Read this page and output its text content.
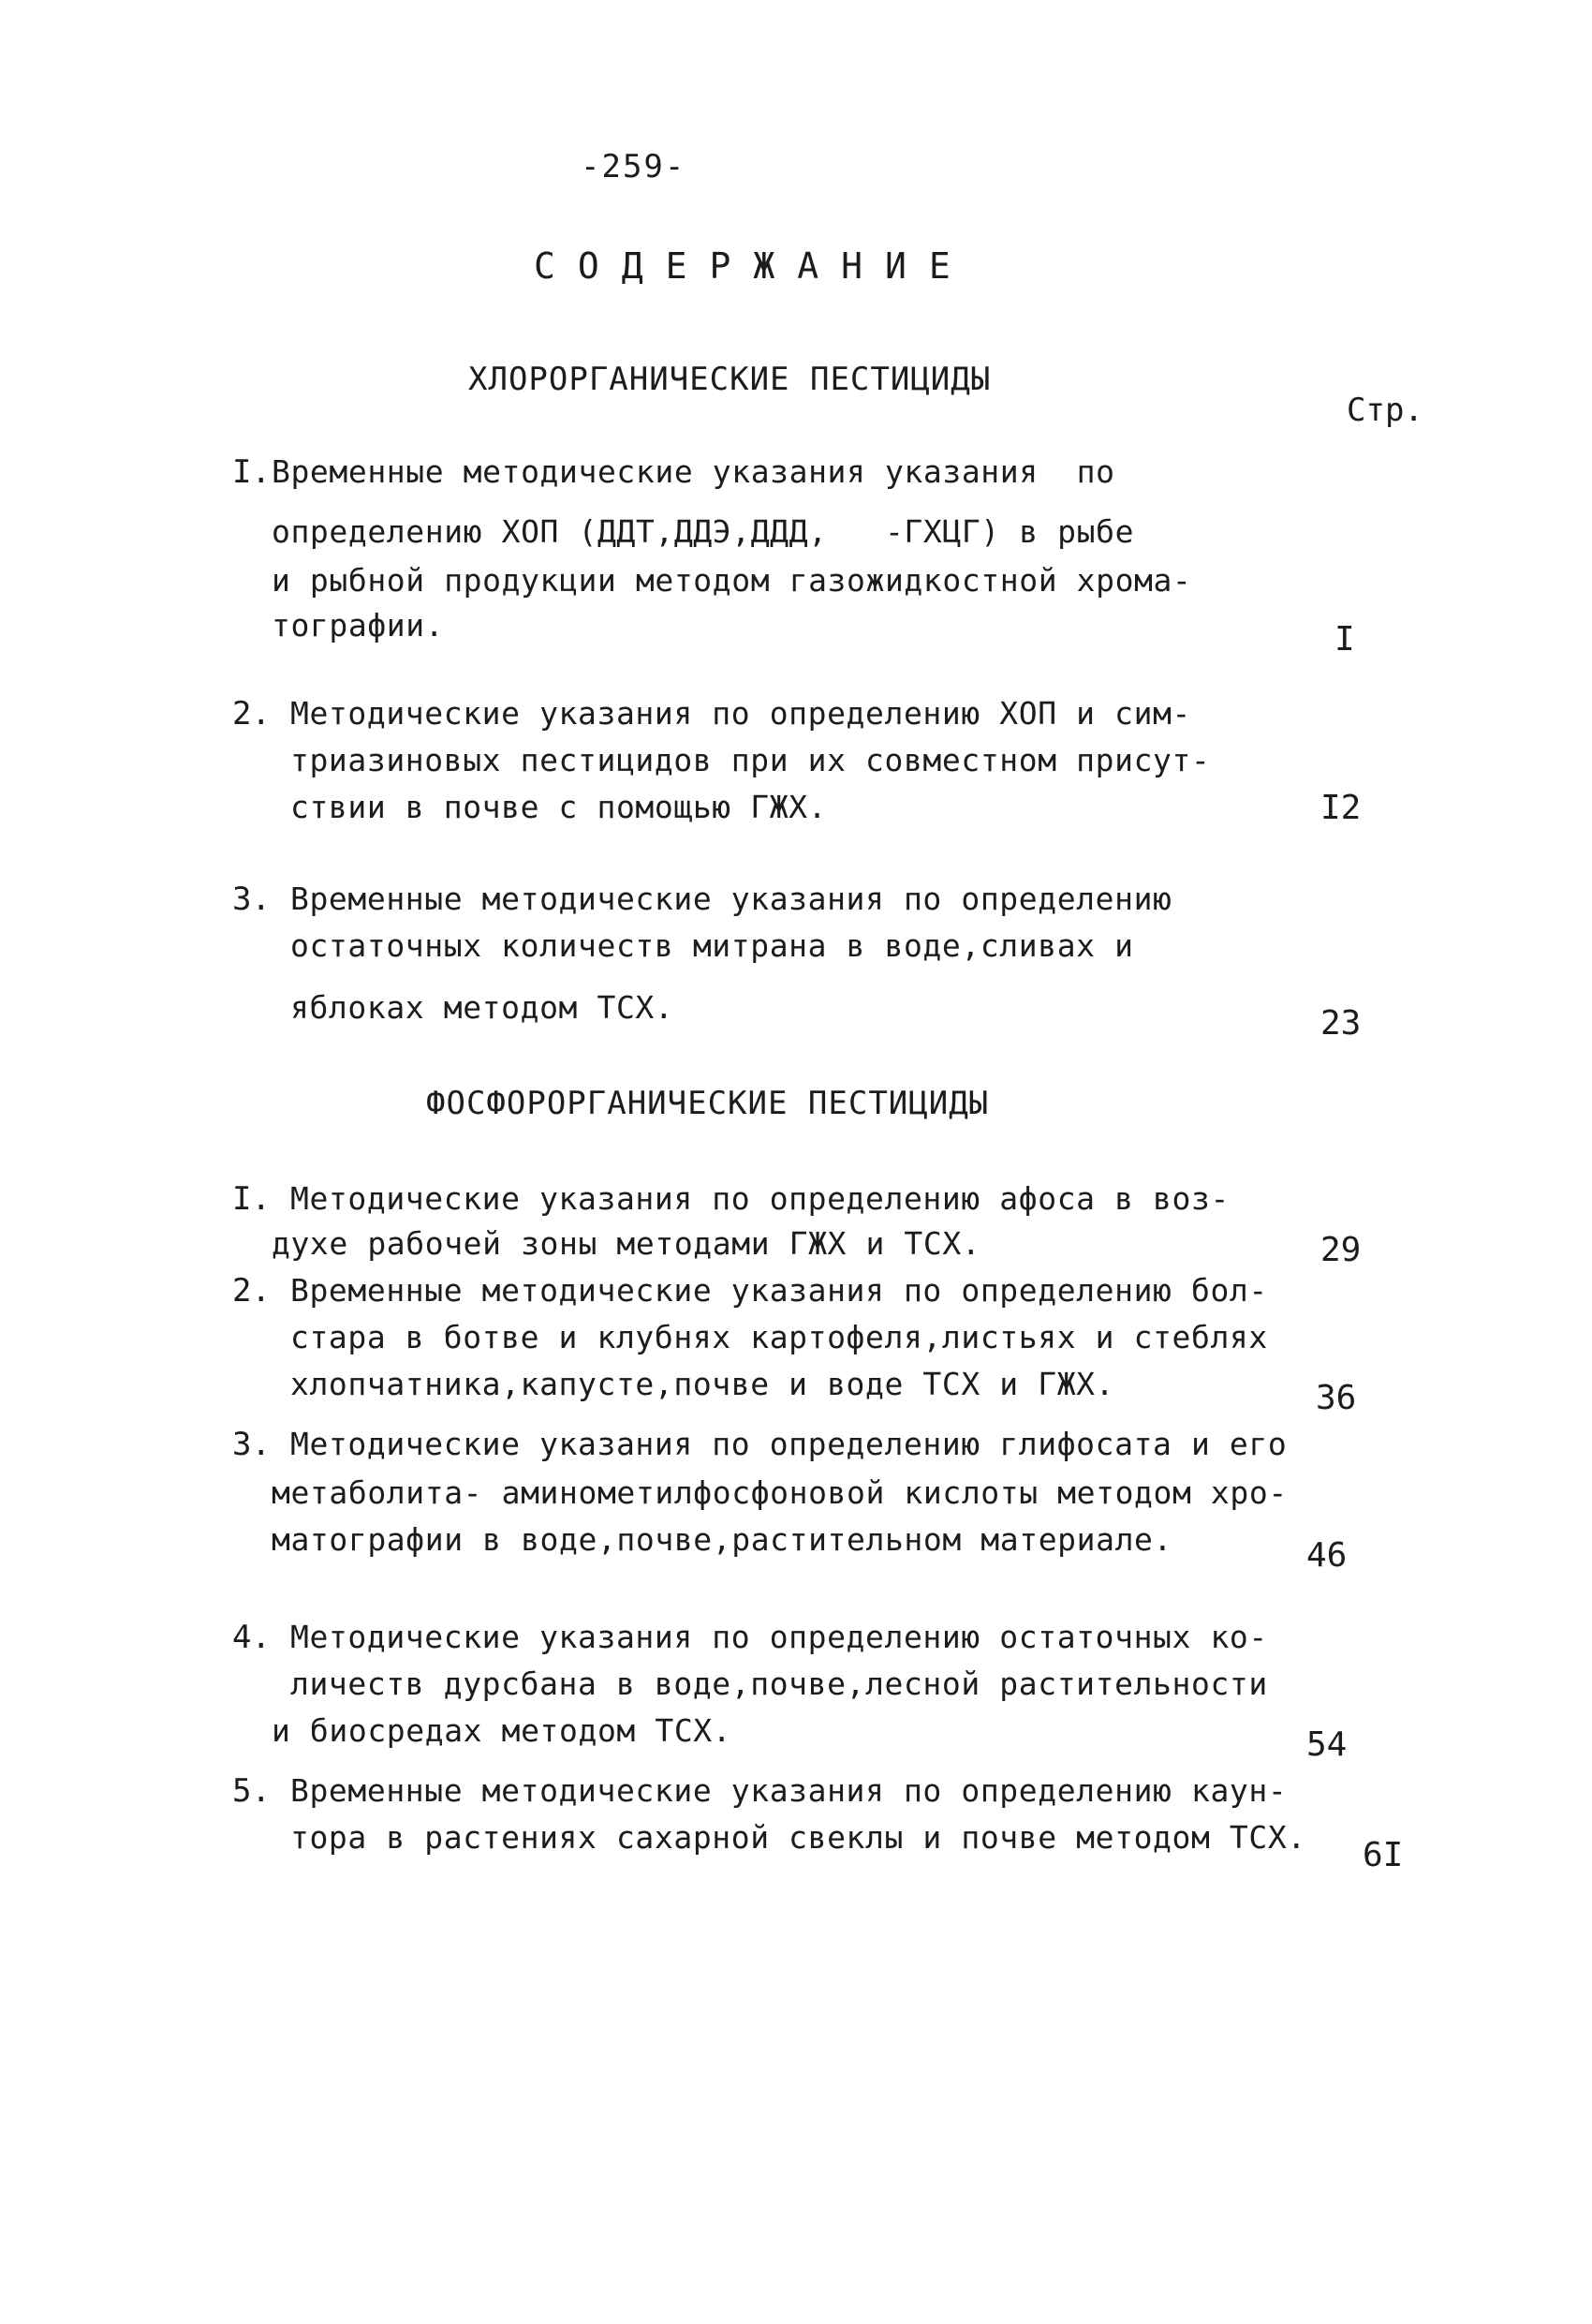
-259-
СОДЕРЖАНИЕ
ХЛОРОРГАНИЧЕСКИЕ ПЕСТИЦИДЫ
Стр.
I. Временные методические указания указания  по
определению ХОП (ДДТ,ДДЭ,ДДД,   -ГХЦГ) в рыбе
и рыбной продукции методом газожидкостной хрома-
тографии.	I
2. Методические указания по определению ХОП и сим-
триазиновых пестицидов при их совместном присут-
ствии в почве с помощью ГЖХ.	I2
3. Временные методические указания по определению
остаточных количеств митрана в воде,сливах и
яблоках методом ТСХ.	23
ФОСФОРОРГАНИЧЕСКИЕ ПЕСТИЦИДЫ
I. Методические указания по определению афоса в воз-
духе рабочей зоны методами ГЖХ и ТСХ.	29
2. Временные методические указания по определению бол-
стара в ботве и клубнях картофеля,листьях и стеблях
хлопчатника,капусте,почве и воде ТСХ и ГЖХ.	36
3. Методические указания по определению глифосата и его
метаболита- аминометилфосфоновой кислоты методом хро-
матографии в воде,почве,растительном материале.	46
4. Методические указания по определению остаточных ко-
личеств дурсбана в воде,почве,лесной растительности
и биосредах методом ТСХ.	54
5. Временные методические указания по определению каун-
тора в растениях сахарной свеклы и почве методом ТСХ. 6I
